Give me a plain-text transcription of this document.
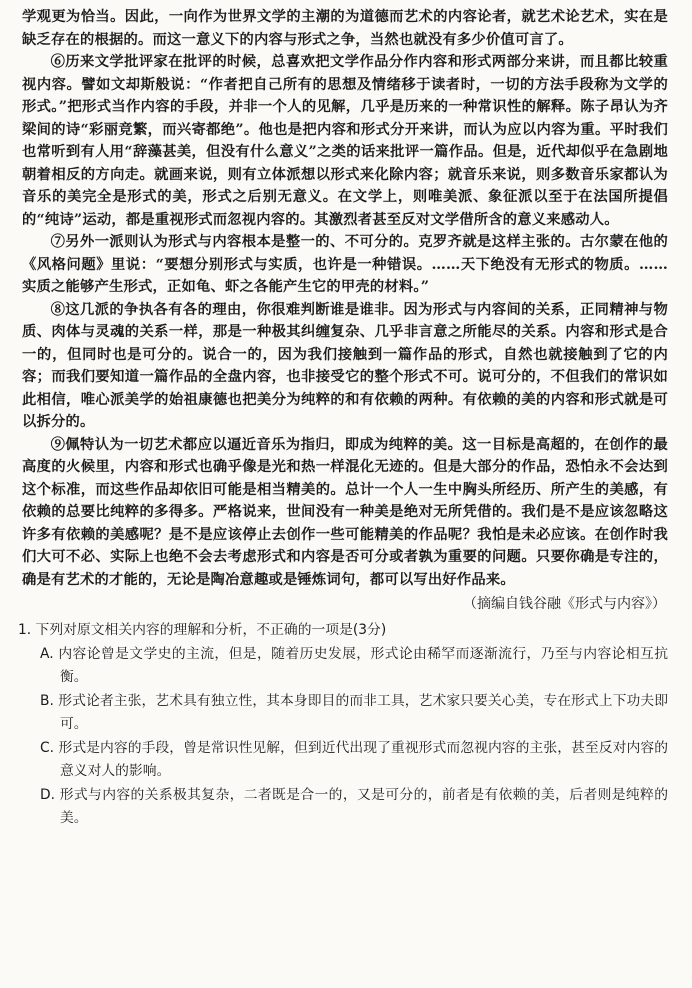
学观更为恰当。因此，一向作为世界文学的主潮的为道德而艺术的内容论者，就艺术论艺术，实在是缺乏存在的根据的。而这一意义下的内容与形式之争，当然也就没有多少价值可言了。

⑥历来文学批评家在批评的时候，总喜欢把文学作品分作内容和形式两部分来讲，而且都比较重视内容。譬如文却斯般说：“作者把自己所有的思想及情绪移于读者时，一切的方法手段称为文学的形式。”把形式当作内容的手段，并非一个人的见解，几乎是历来的一种常识性的解释。陈子昂认为齐梁间的诗“彩丽竞繁，而兴寄都绝”。他也是把内容和形式分开来讲，而认为应以内容为重。平时我们也常听到有人用“辞藻甚美，但没有什么意义”之类的话来批评一篇作品。但是，近代却似乎在急剧地朝着相反的方向走。就画来说，则有立体派想以形式来化除内容；就音乐来说，则多数音乐家都认为音乐的美完全是形式的美，形式之后别无意义。在文学上，则唯美派、象征派以至于在法国所提倡的“纯诗”运动，都是重视形式而忽视内容的。其激烈者甚至反对文学借所含的意义来感动人。

⑦另外一派则认为形式与内容根本是整一的、不可分的。克罗齐就是这样主张的。古尔蒙在他的《风格问题》里说：“要想分别形式与实质，也许是一种错误。……天下绝没有无形式的物质。……实质之能够产生形式，正如龟、虾之各能产生它的甲壳的材料。”

⑧这几派的争执各有各的理由，你很难判断谁是谁非。因为形式与内容间的关系，正同精神与物质、肉体与灵魂的关系一样，那是一种极其纠缠复杂、几乎非言意之所能尽的关系。内容和形式是合一的，但同时也是可分的。说合一的，因为我们接触到一篇作品的形式，自然也就接触到了它的内容；而我们要知道一篇作品的全盘内容，也非接受它的整个形式不可。说可分的，不但我们的常识如此相信，唯心派美学的始祖康德也把美分为纯粹的和有依赖的两种。有依赖的美的内容和形式就是可以拆分的。

⑨佩特认为一切艺术都应以逼近音乐为指归，即成为纯粹的美。这一目标是高超的，在创作的最高度的火候里，内容和形式也确乎像是光和热一样混化无迹的。但是大部分的作品，恐怕永不会达到这个标准，而这些作品却依旧可能是相当精美的。总计一个人一生中胸头所经历、所产生的美感，有依赖的总要比纯粹的多得多。严格说来，世间没有一种美是绝对无所凭借的。我们是不是应该忽略这许多有依赖的美感呢？是不是应该停止去创作一些可能精美的作品呢？我怕是未必应该。在创作时我们大可不必、实际上也绝不会去考虑形式和内容是否可分或者孰为重要的问题。只要你确是专注的，确是有艺术的才能的，无论是陶冶意趣或是锤炼词句，都可以写出好作品来。

（摘编自钱谷融《形式与内容》）

1. 下列对原文相关内容的理解和分析，不正确的一项是(3分)

A. 内容论曾是文学史的主流，但是，随着历史发展，形式论由稀罕而逐渐流行，乃至与内容论相互抗衡。

B. 形式论者主张，艺术具有独立性，其本身即目的而非工具，艺术家只要关心美，专在形式上下功夫即可。

C. 形式是内容的手段，曾是常识性见解，但到近代出现了重视形式而忽视内容的主张，甚至反对内容的意义对人的影响。

D. 形式与内容的关系极其复杂，二者既是合一的，又是可分的，前者是有依赖的美，后者则是纯粹的美。
